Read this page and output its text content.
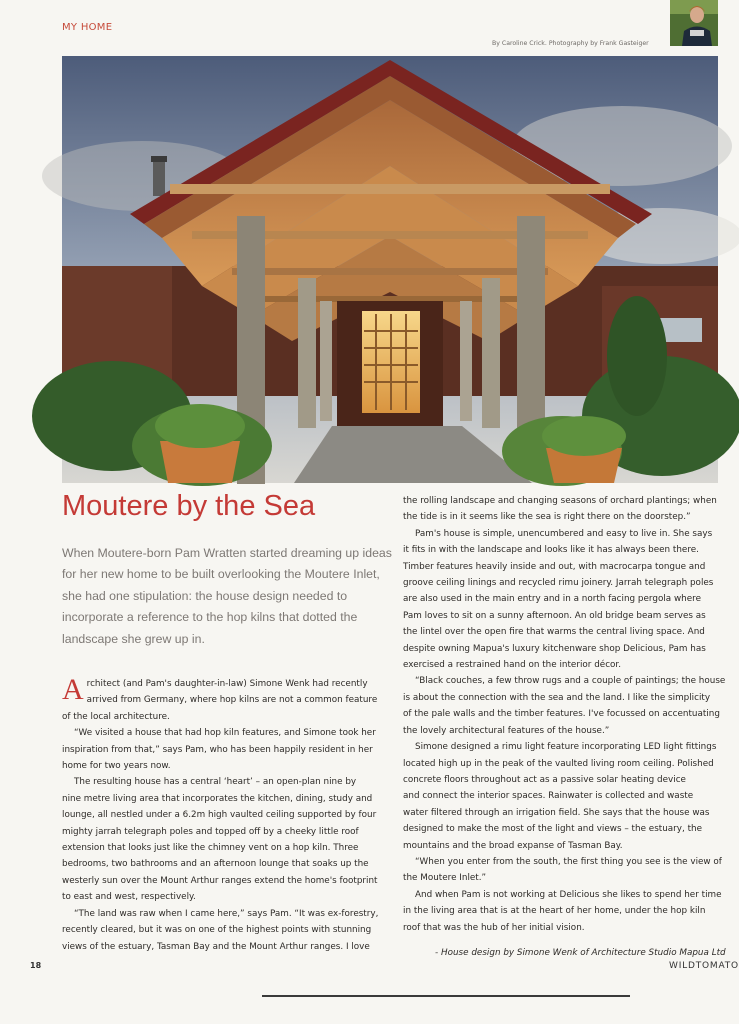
MY HOME
By Caroline Crick. Photography by Frank Gasteiger
Moutere by the Sea

When Moutere-born Pam Wratten started dreaming up ideas for her new home to be built overlooking the Moutere Inlet, she had one stipulation: the house design needed to incorporate a reference to the hop kilns that dotted the landscape she grew up in.

A rchitect (and Pam's daughter-in-law) Simone Wenk had recently

arrived from Germany, where hop kilns are not a common feature

of the local architecture.

“We visited a house that had hop kiln features, and Simone took her

inspiration from that,” says Pam, who has been happily resident in her

home for two years now.

The resulting house has a central ‘heart’ – an open-plan nine by

nine metre living area that incorporates the kitchen, dining, study and

lounge, all nestled under a 6.2m high vaulted ceiling supported by four

mighty jarrah telegraph poles and topped off by a cheeky little roof

extension that looks just like the chimney vent on a hop kiln. Three

bedrooms, two bathrooms and an afternoon lounge that soaks up the

westerly sun over the Mount Arthur ranges extend the home's footprint

to east and west, respectively.

“The land was raw when I came here,” says Pam. “It was ex-forestry,

recently cleared, but it was on one of the highest points with stunning

views of the estuary, Tasman Bay and the Mount Arthur ranges. I love

the rolling landscape and changing seasons of orchard plantings; when

the tide is in it seems like the sea is right there on the doorstep.”

Pam's house is simple, unencumbered and easy to live in. She says

it fits in with the landscape and looks like it has always been there.

Timber features heavily inside and out, with macrocarpa tongue and

groove ceiling linings and recycled rimu joinery. Jarrah telegraph poles

are also used in the main entry and in a north facing pergola where

Pam loves to sit on a sunny afternoon. An old bridge beam serves as

the lintel over the open fire that warms the central living space. And

despite owning Mapua's luxury kitchenware shop Delicious, Pam has

exercised a restrained hand on the interior décor.

“Black couches, a few throw rugs and a couple of paintings; the house

is about the connection with the sea and the land. I like the simplicity

of the pale walls and the timber features. I've focussed on accentuating

the lovely architectural features of the house.”

Simone designed a rimu light feature incorporating LED light fittings

located high up in the peak of the vaulted living room ceiling. Polished

concrete floors throughout act as a passive solar heating device

and connect the interior spaces. Rainwater is collected and waste

water filtered through an irrigation field. She says that the house was

designed to make the most of the light and views – the estuary, the

mountains and the broad expanse of Tasman Bay.

“When you enter from the south, the first thing you see is the view of

the Moutere Inlet.”

And when Pam is not working at Delicious she likes to spend her time

in the living area that is at the heart of her home, under the hop kiln

roof that was the hub of her initial vision.

- House design by Simone Wenk of Architecture Studio Mapua Ltd

18	WILDTOMATO
